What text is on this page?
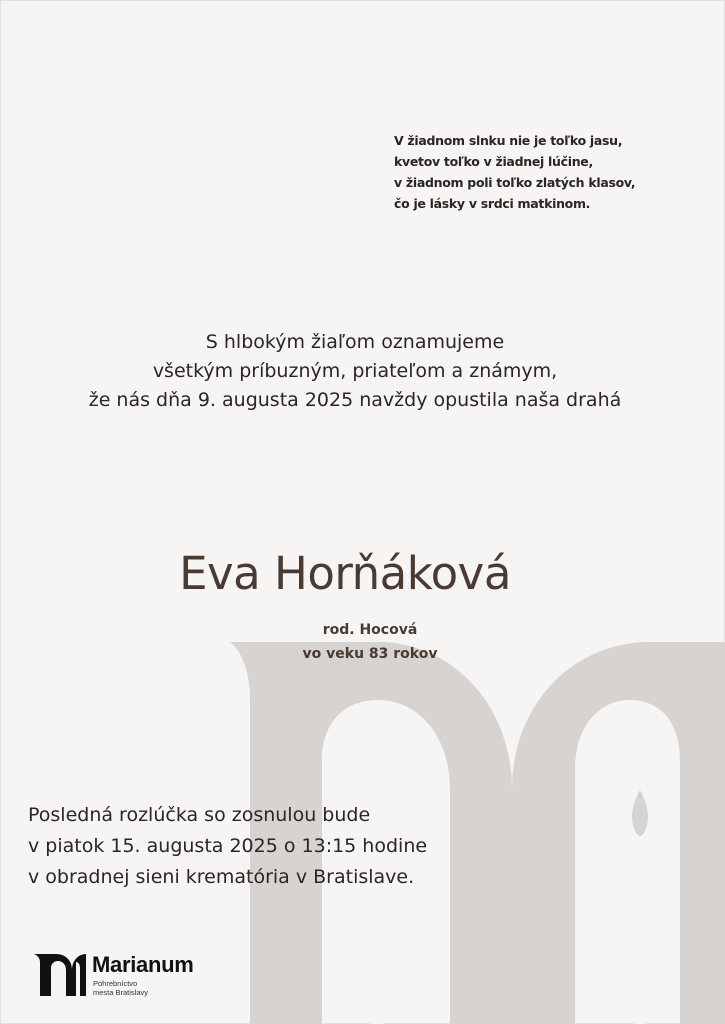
V žiadnom slnku nie je toľko jasu,
kvetov toľko v žiadnej lúčine,
v žiadnom poli toľko zlatých klasov,
čo je lásky v srdci matkinom.
S hlbokým žiaľom oznamujeme
všetkým príbuzným, priateľom a známym,
že nás dňa 9. augusta 2025 navždy opustila naša drahá
Eva Horňáková
rod. Hocová
vo veku 83 rokov
Posledná rozlúčka so zosnulou bude
v piatok 15. augusta 2025 o 13:15 hodine
v obradnej sieni krematória v Bratislave.
Marianum
Pohrebníctvo
mesta Bratislavy
